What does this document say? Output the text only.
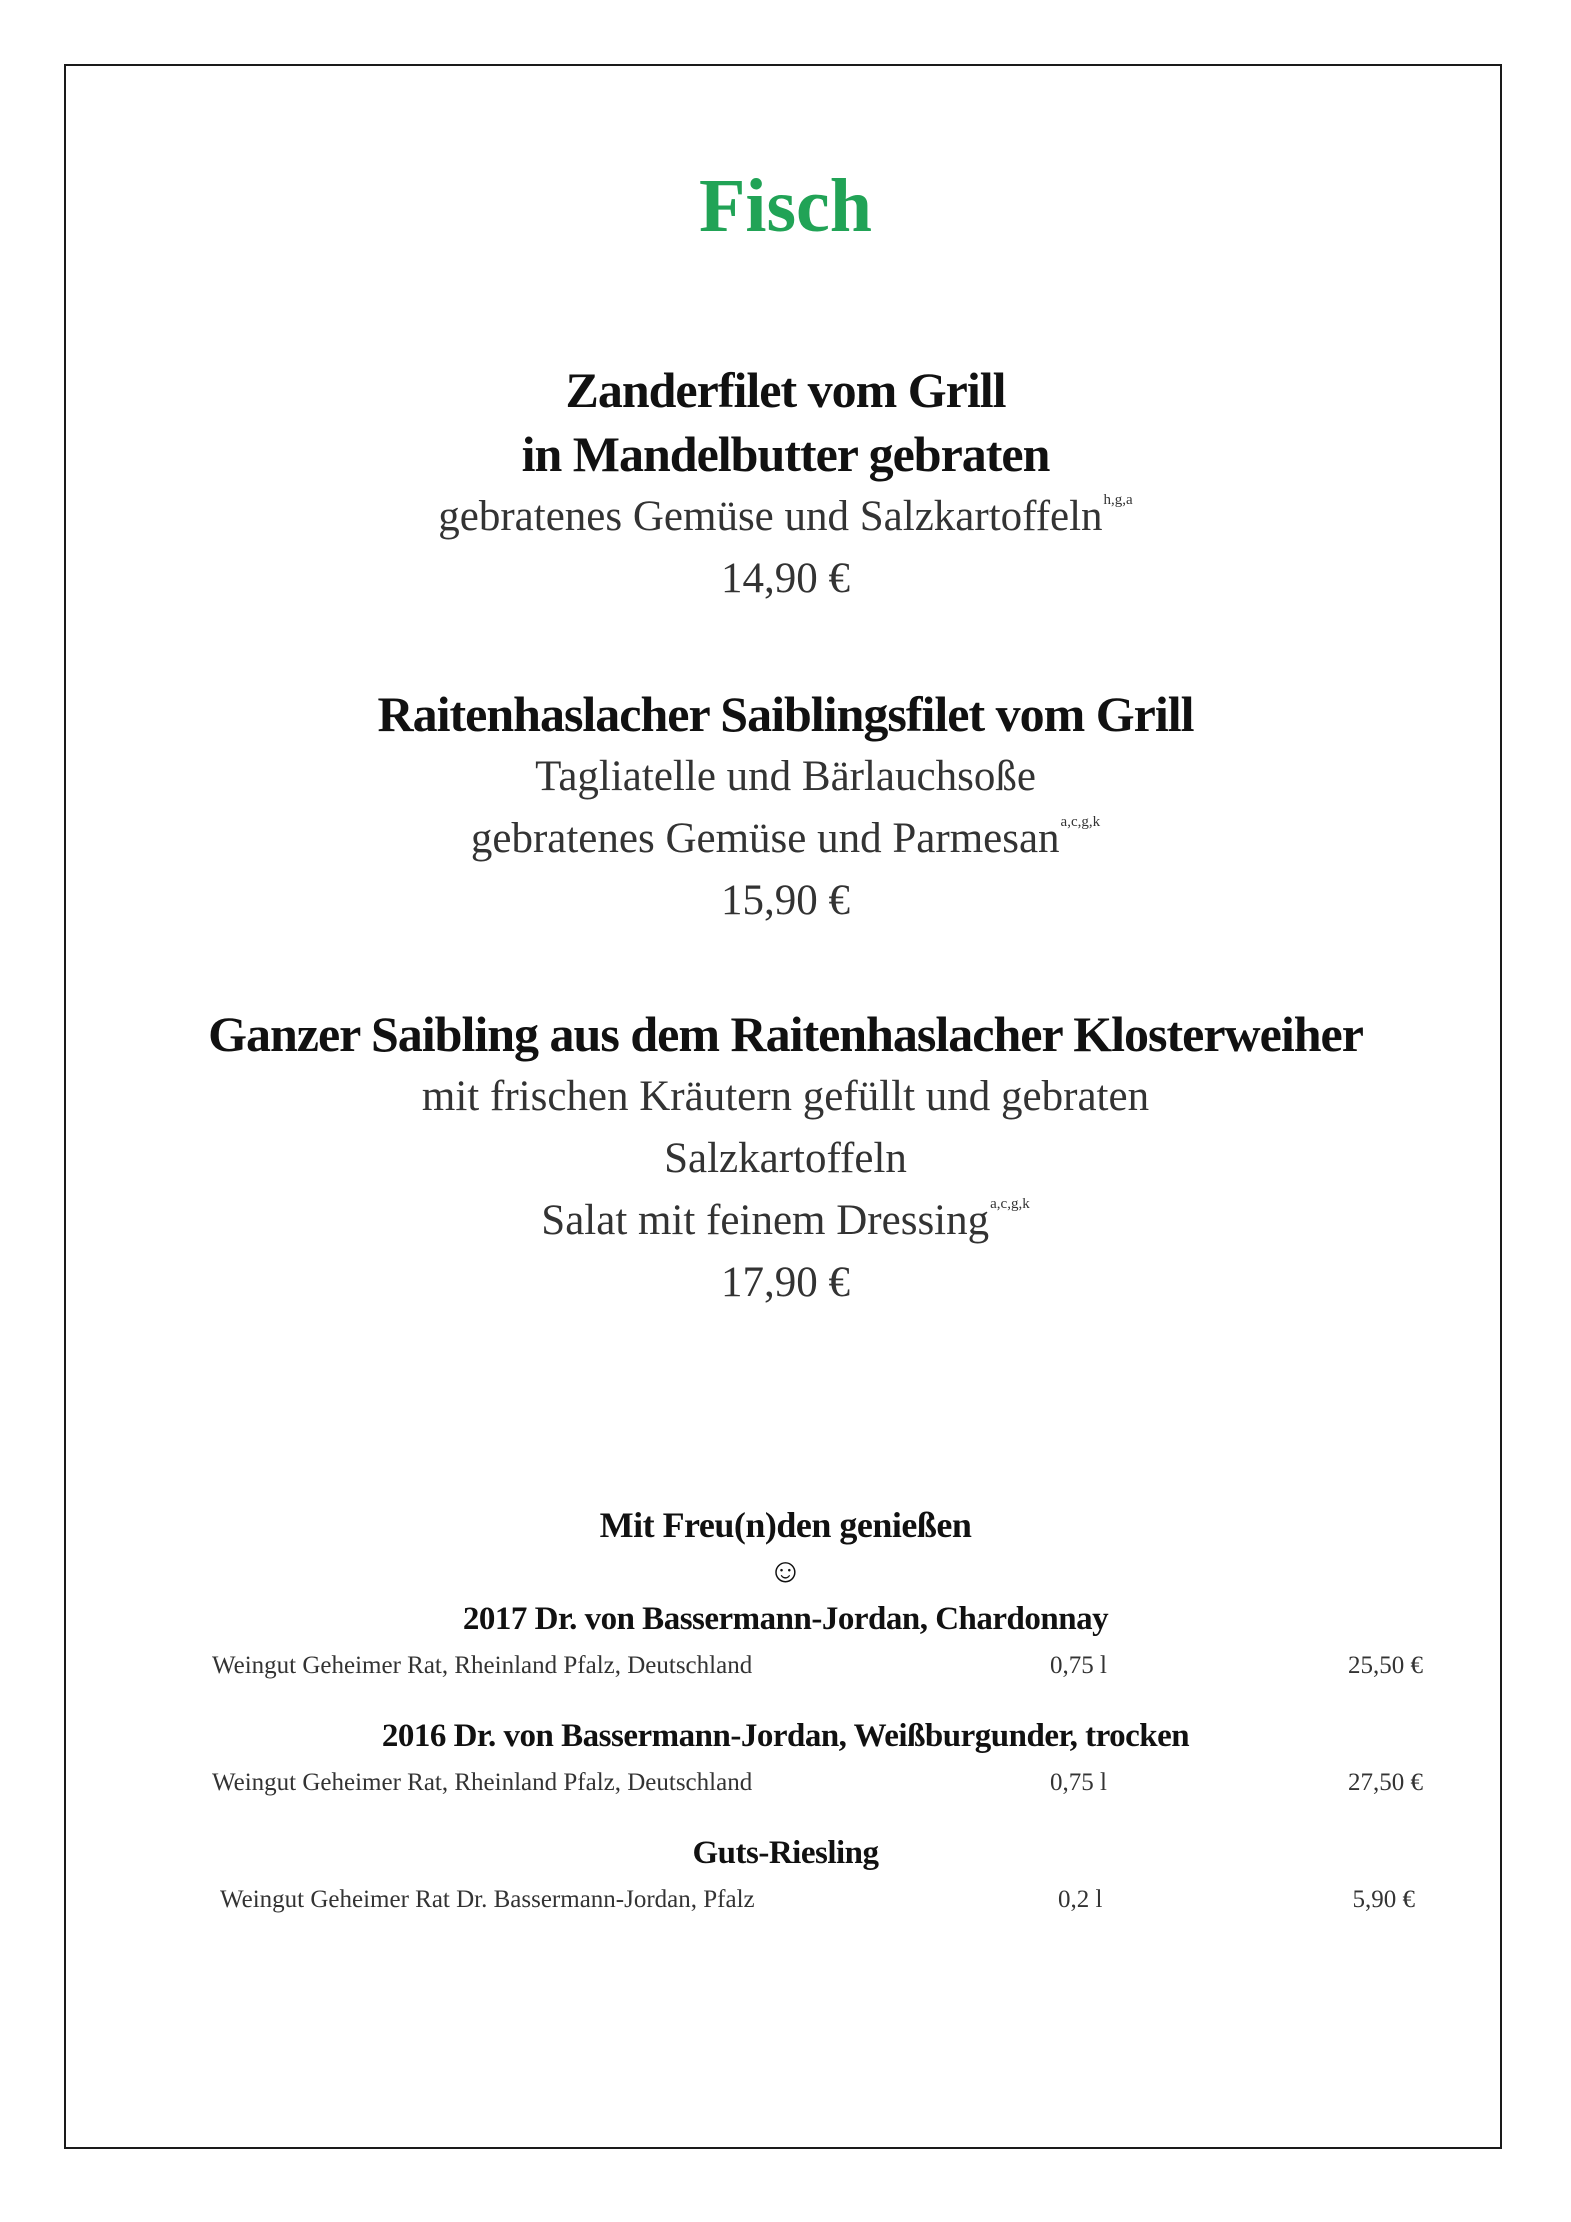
Fisch
Zanderfilet vom Grill
in Mandelbutter gebraten
gebratenes Gemüse und Salzkartoffeln$^{h,g,a}$
14,90 €
Raitenhaslacher Saiblingsfilet vom Grill
Tagliatelle und Bärlauchsoße
gebratenes Gemüse und Parmesan$^{a,c,g,k}$
15,90 €
Ganzer Saibling aus dem Raitenhaslacher Klosterweiher
mit frischen Kräutern gefüllt und gebraten
Salzkartoffeln
Salat mit feinem Dressing$^{a,c,g,k}$
17,90 €
Mit Freu(n)den genießen
☺
2017 Dr. von Bassermann-Jordan, Chardonnay
Weingut Geheimer Rat, Rheinland Pfalz, Deutschland	0,75 l	25,50 €
2016 Dr. von Bassermann-Jordan, Weißburgunder, trocken
Weingut Geheimer Rat, Rheinland Pfalz, Deutschland	0,75 l	27,50 €
Guts-Riesling
Weingut Geheimer Rat Dr. Bassermann-Jordan, Pfalz	0,2 l	5,90 €
